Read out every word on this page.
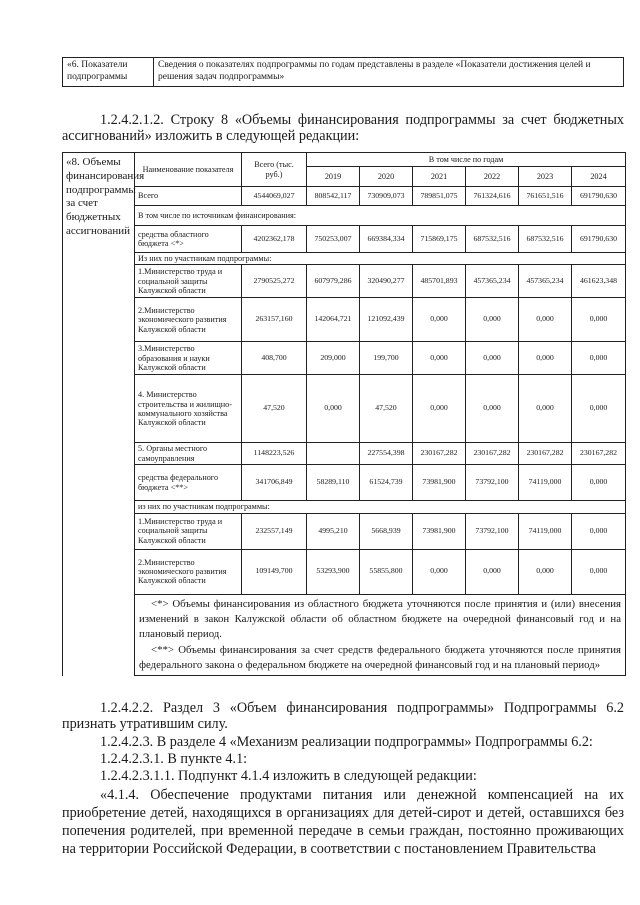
«6. Показатели подпрограммы	Сведения о показателях подпрограммы по годам представлены в разделе «Показатели достижения целей и решения задач подпрограммы»
1.2.4.2.1.2. Строку 8 «Объемы финансирования подпрограммы за счет бюджетных ассигнований» изложить в следующей редакции:
«8. Объемы финансирования подпрограммы за счет бюджетных ассигнований	Наименование показателя	Всего (тыс. руб.)	В том числе по годам					
			2019	2020	2021	2022	2023	2024
	Всего	4544069,027	808542,117	730909,073	789851,075	761324,616	761651,516	691790,630
	В том числе по источникам финансирования:							
	средства областного бюджета <*>	4202362,178	750253,007	669384,334	715869,175	687532,516	687532,516	691790,630
	Из них по участникам подпрограммы:							
	1.Министерство труда и социальной защиты Калужской области	2790525,272	607979,286	320490,277	485701,893	457365,234	457365,234	461623,348
	2.Министерство экономического развития Калужской области	263157,160	142064,721	121092,439	0,000	0,000	0,000	0,000
	3.Министерство образования и науки Калужской области	408,700	209,000	199,700	0,000	0,000	0,000	0,000
	4. Министерство строительства и жилищно-коммунального хозяйства Калужской области	47,520	0,000	47,520	0,000	0,000	0,000	0,000
	5. Органы местного самоуправления	1148223,526		227554,398	230167,282	230167,282	230167,282	230167,282
	средства федерального бюджета <**>	341706,849	58289,110	61524,739	73981,900	73792,100	74119,000	0,000
	из них по участникам подпрограммы:							
	1.Министерство труда и социальной защиты Калужской области	232557,149	4995,210	5668,939	73981,900	73792,100	74119,000	0,000
	2.Министерство экономического развития Калужской области	109149,700	53293,900	55855,800	0,000	0,000	0,000	0,000

	<*> Объемы финансирования из областного бюджета уточняются после принятия и (или) внесения изменений в закон Калужской области об областном бюджете на очередной финансовый год и на плановый период.

<**> Объемы финансирования за счет средств федерального бюджета уточняются после принятия федерального закона о федеральном бюджете на очередной финансовый год и на плановый период»							

1.2.4.2.2. Раздел 3 «Объем финансирования подпрограммы» Подпрограммы 6.2 признать утратившим силу.
1.2.4.2.3. В разделе 4 «Механизм реализации подпрограммы» Подпрограммы 6.2:
1.2.4.2.3.1. В пункте 4.1:
1.2.4.2.3.1.1. Подпункт 4.1.4 изложить в следующей редакции:
«4.1.4. Обеспечение продуктами питания или денежной компенсацией на их приобретение детей, находящихся в организациях для детей-сирот и детей, оставшихся без попечения родителей, при временной передаче в семьи граждан, постоянно проживающих на территории Российской Федерации, в соответствии с постановлением Правительства
